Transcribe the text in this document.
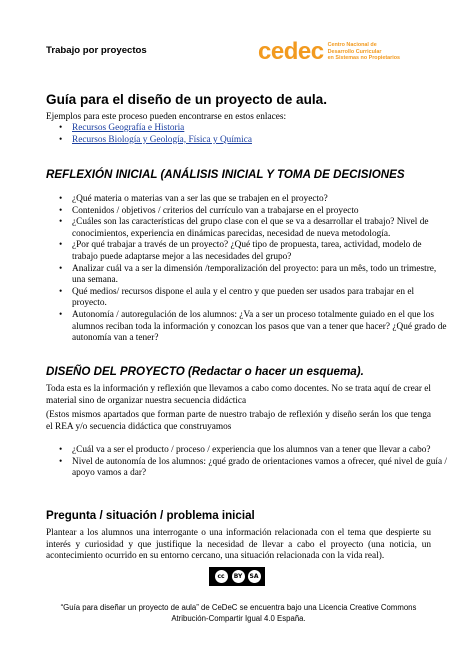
Trabajo por proyectos	cedec Centro Nacional de
Desarrollo Curricular
en Sistemas no Propietarios
Guía para el diseño de un proyecto de aula.
Ejemplos para este proceso pueden encontrarse en estos enlaces:
• Recursos Geografía e Historia
• Recursos Biología y Geología, Física y Química
REFLEXIÓN INICIAL (ANÁLISIS INICIAL Y TOMA DE DECISIONES
• ¿Qué materia o materias van a ser las que se trabajen en el proyecto?
• Contenidos / objetivos / criterios del currículo van a trabajarse en el proyecto
• ¿Cuáles son las características del grupo clase con el que se va a desarrollar el trabajo? Nivel de conocimientos, experiencia en dinámicas parecidas, necesidad de nueva metodología.
• ¿Por qué trabajar a través de un proyecto? ¿Qué tipo de propuesta, tarea, actividad, modelo de trabajo puede adaptarse mejor a las necesidades del grupo?
• Analizar cuál va a ser la dimensión /temporalización del proyecto: para un mês, todo un trimestre, una semana.
• Qué medios/ recursos dispone el aula y el centro y que pueden ser usados para trabajar en el proyecto.
• Autonomía / autoregulación de los alumnos: ¿Va a ser un proceso totalmente guiado en el que los alumnos reciban toda la información y conozcan los pasos que van a tener que hacer? ¿Qué grado de autonomía van a tener?
DISEÑO DEL PROYECTO (Redactar o hacer un esquema).
Toda esta es la información y reflexión que llevamos a cabo como docentes. No se trata aquí de crear el material sino de organizar nuestra secuencia didáctica
(Estos mismos apartados que forman parte de nuestro trabajo de reflexión y diseño serán los que tenga el REA y/o secuencia didáctica que construyamos
• ¿Cuál va a ser el producto / proceso / experiencia que los alumnos van a tener que llevar a cabo?
• Nivel de autonomía de los alumnos: ¿qué grado de orientaciones vamos a ofrecer, qué nivel de guía / apoyo vamos a dar?
Pregunta / situación / problema inicial
Plantear a los alumnos una interrogante o una información relacionada con el tema que despierte su interés y curiosidad y que justifique la necesidad de llevar a cabo el proyecto (una noticia, un acontecimiento ocurrido en su entorno cercano, una situación relacionada con la vida real).
cc	BY	SA
“Guía para diseñar un proyecto de aula” de CeDeC se encuentra bajo una Licencia Creative Commons
Atribución-Compartir Igual 4.0 España.
